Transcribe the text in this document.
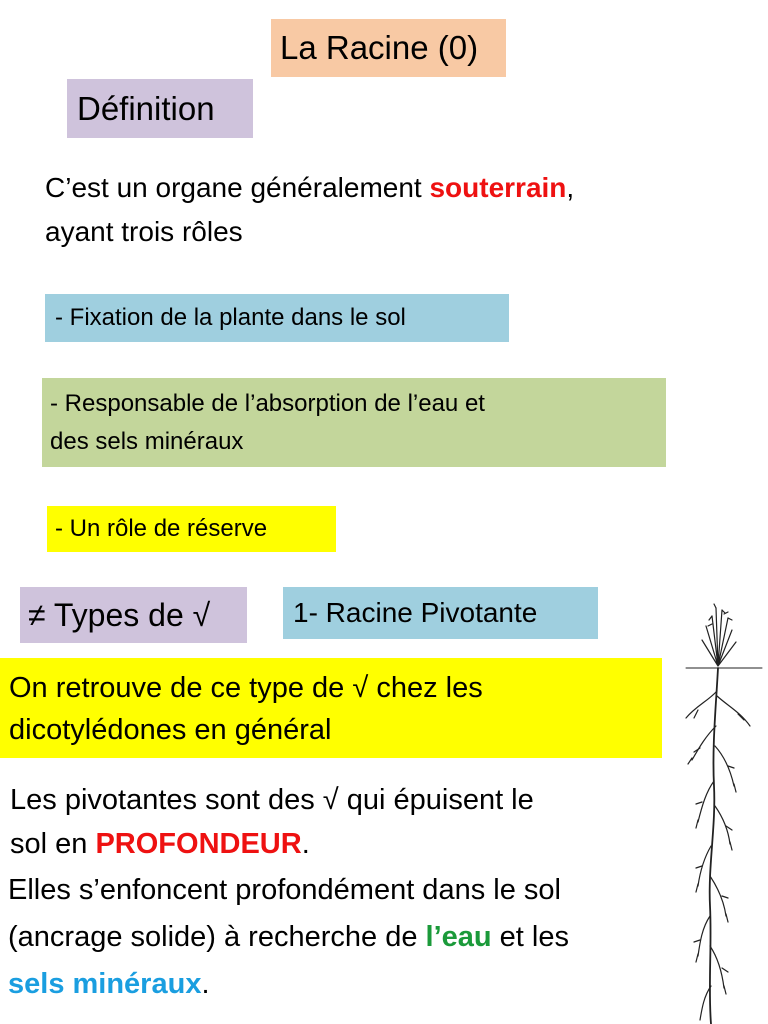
La Racine (0)
Définition
C’est un organe généralement souterrain,
ayant trois rôles
- Fixation de la plante dans le sol
- Responsable de l’absorption de l’eau et
des sels minéraux
- Un rôle de réserve
≠ Types de √	1- Racine Pivotante
On retrouve de ce type de √ chez les
dicotylédones en général
Les pivotantes sont des √ qui épuisent le
sol en PROFONDEUR.
Elles s’enfoncent profondément dans le sol
(ancrage solide) à recherche de l’eau et les
sels minéraux.
